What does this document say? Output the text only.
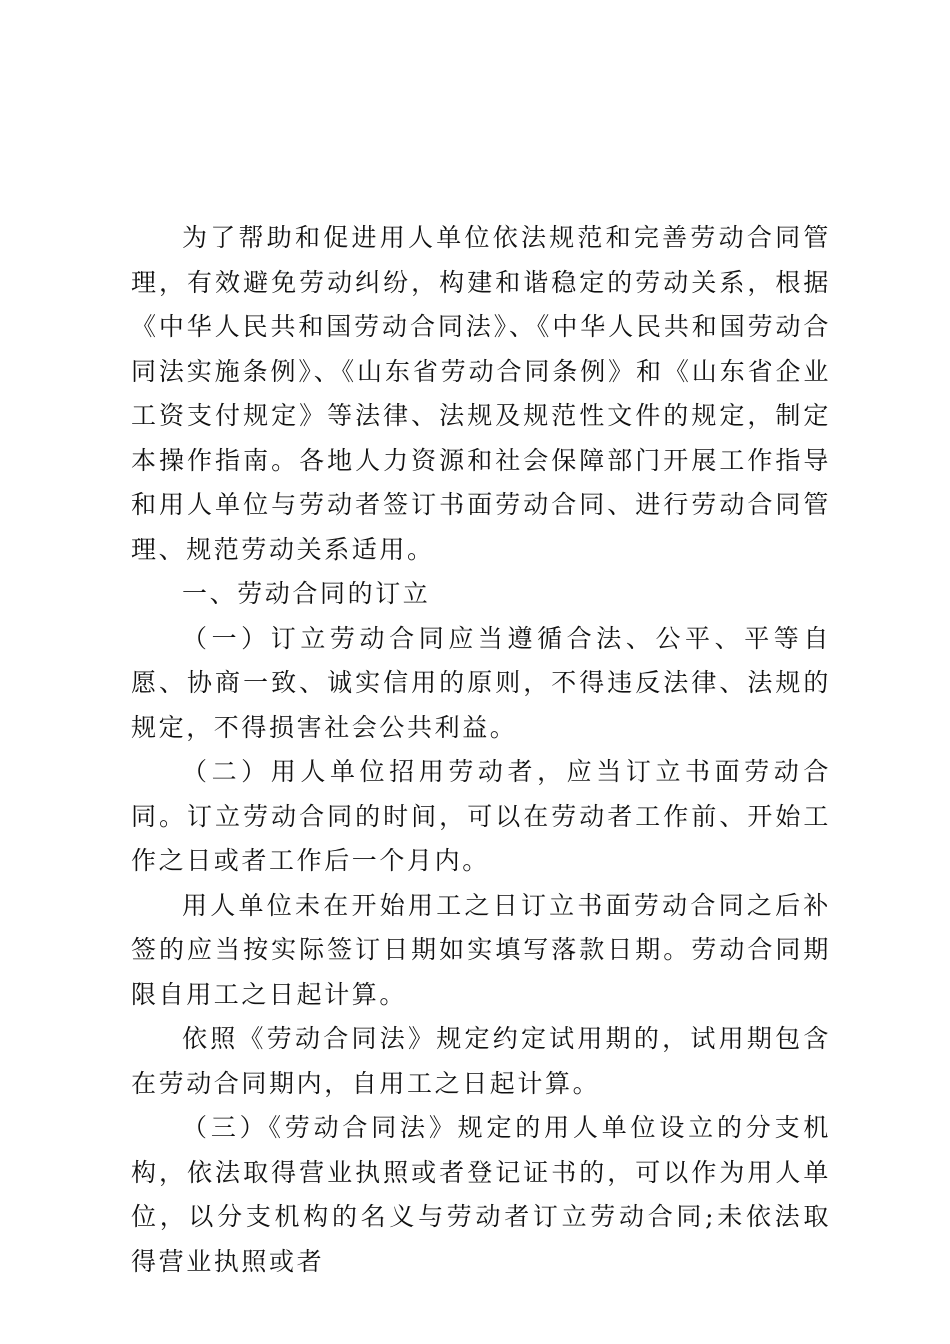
为了帮助和促进用人单位依法规范和完善劳动合同管理，有效避免劳动纠纷，构建和谐稳定的劳动关系，根据《中华人民共和国劳动合同法》、《中华人民共和国劳动合同法实施条例》、《山东省劳动合同条例》和《山东省企业工资支付规定》等法律、法规及规范性文件的规定，制定本操作指南。各地人力资源和社会保障部门开展工作指导和用人单位与劳动者签订书面劳动合同、进行劳动合同管理、规范劳动关系适用。

一、劳动合同的订立

（一）订立劳动合同应当遵循合法、公平、平等自愿、协商一致、诚实信用的原则，不得违反法律、法规的规定，不得损害社会公共利益。

（二）用人单位招用劳动者，应当订立书面劳动合同。订立劳动合同的时间，可以在劳动者工作前、开始工作之日或者工作后一个月内。

用人单位未在开始用工之日订立书面劳动合同之后补签的应当按实际签订日期如实填写落款日期。劳动合同期限自用工之日起计算。

依照《劳动合同法》规定约定试用期的，试用期包含在劳动合同期内，自用工之日起计算。

（三）《劳动合同法》规定的用人单位设立的分支机构，依法取得营业执照或者登记证书的，可以作为用人单位，以分支机构的名义与劳动者订立劳动合同;未依法取得营业执照或者
